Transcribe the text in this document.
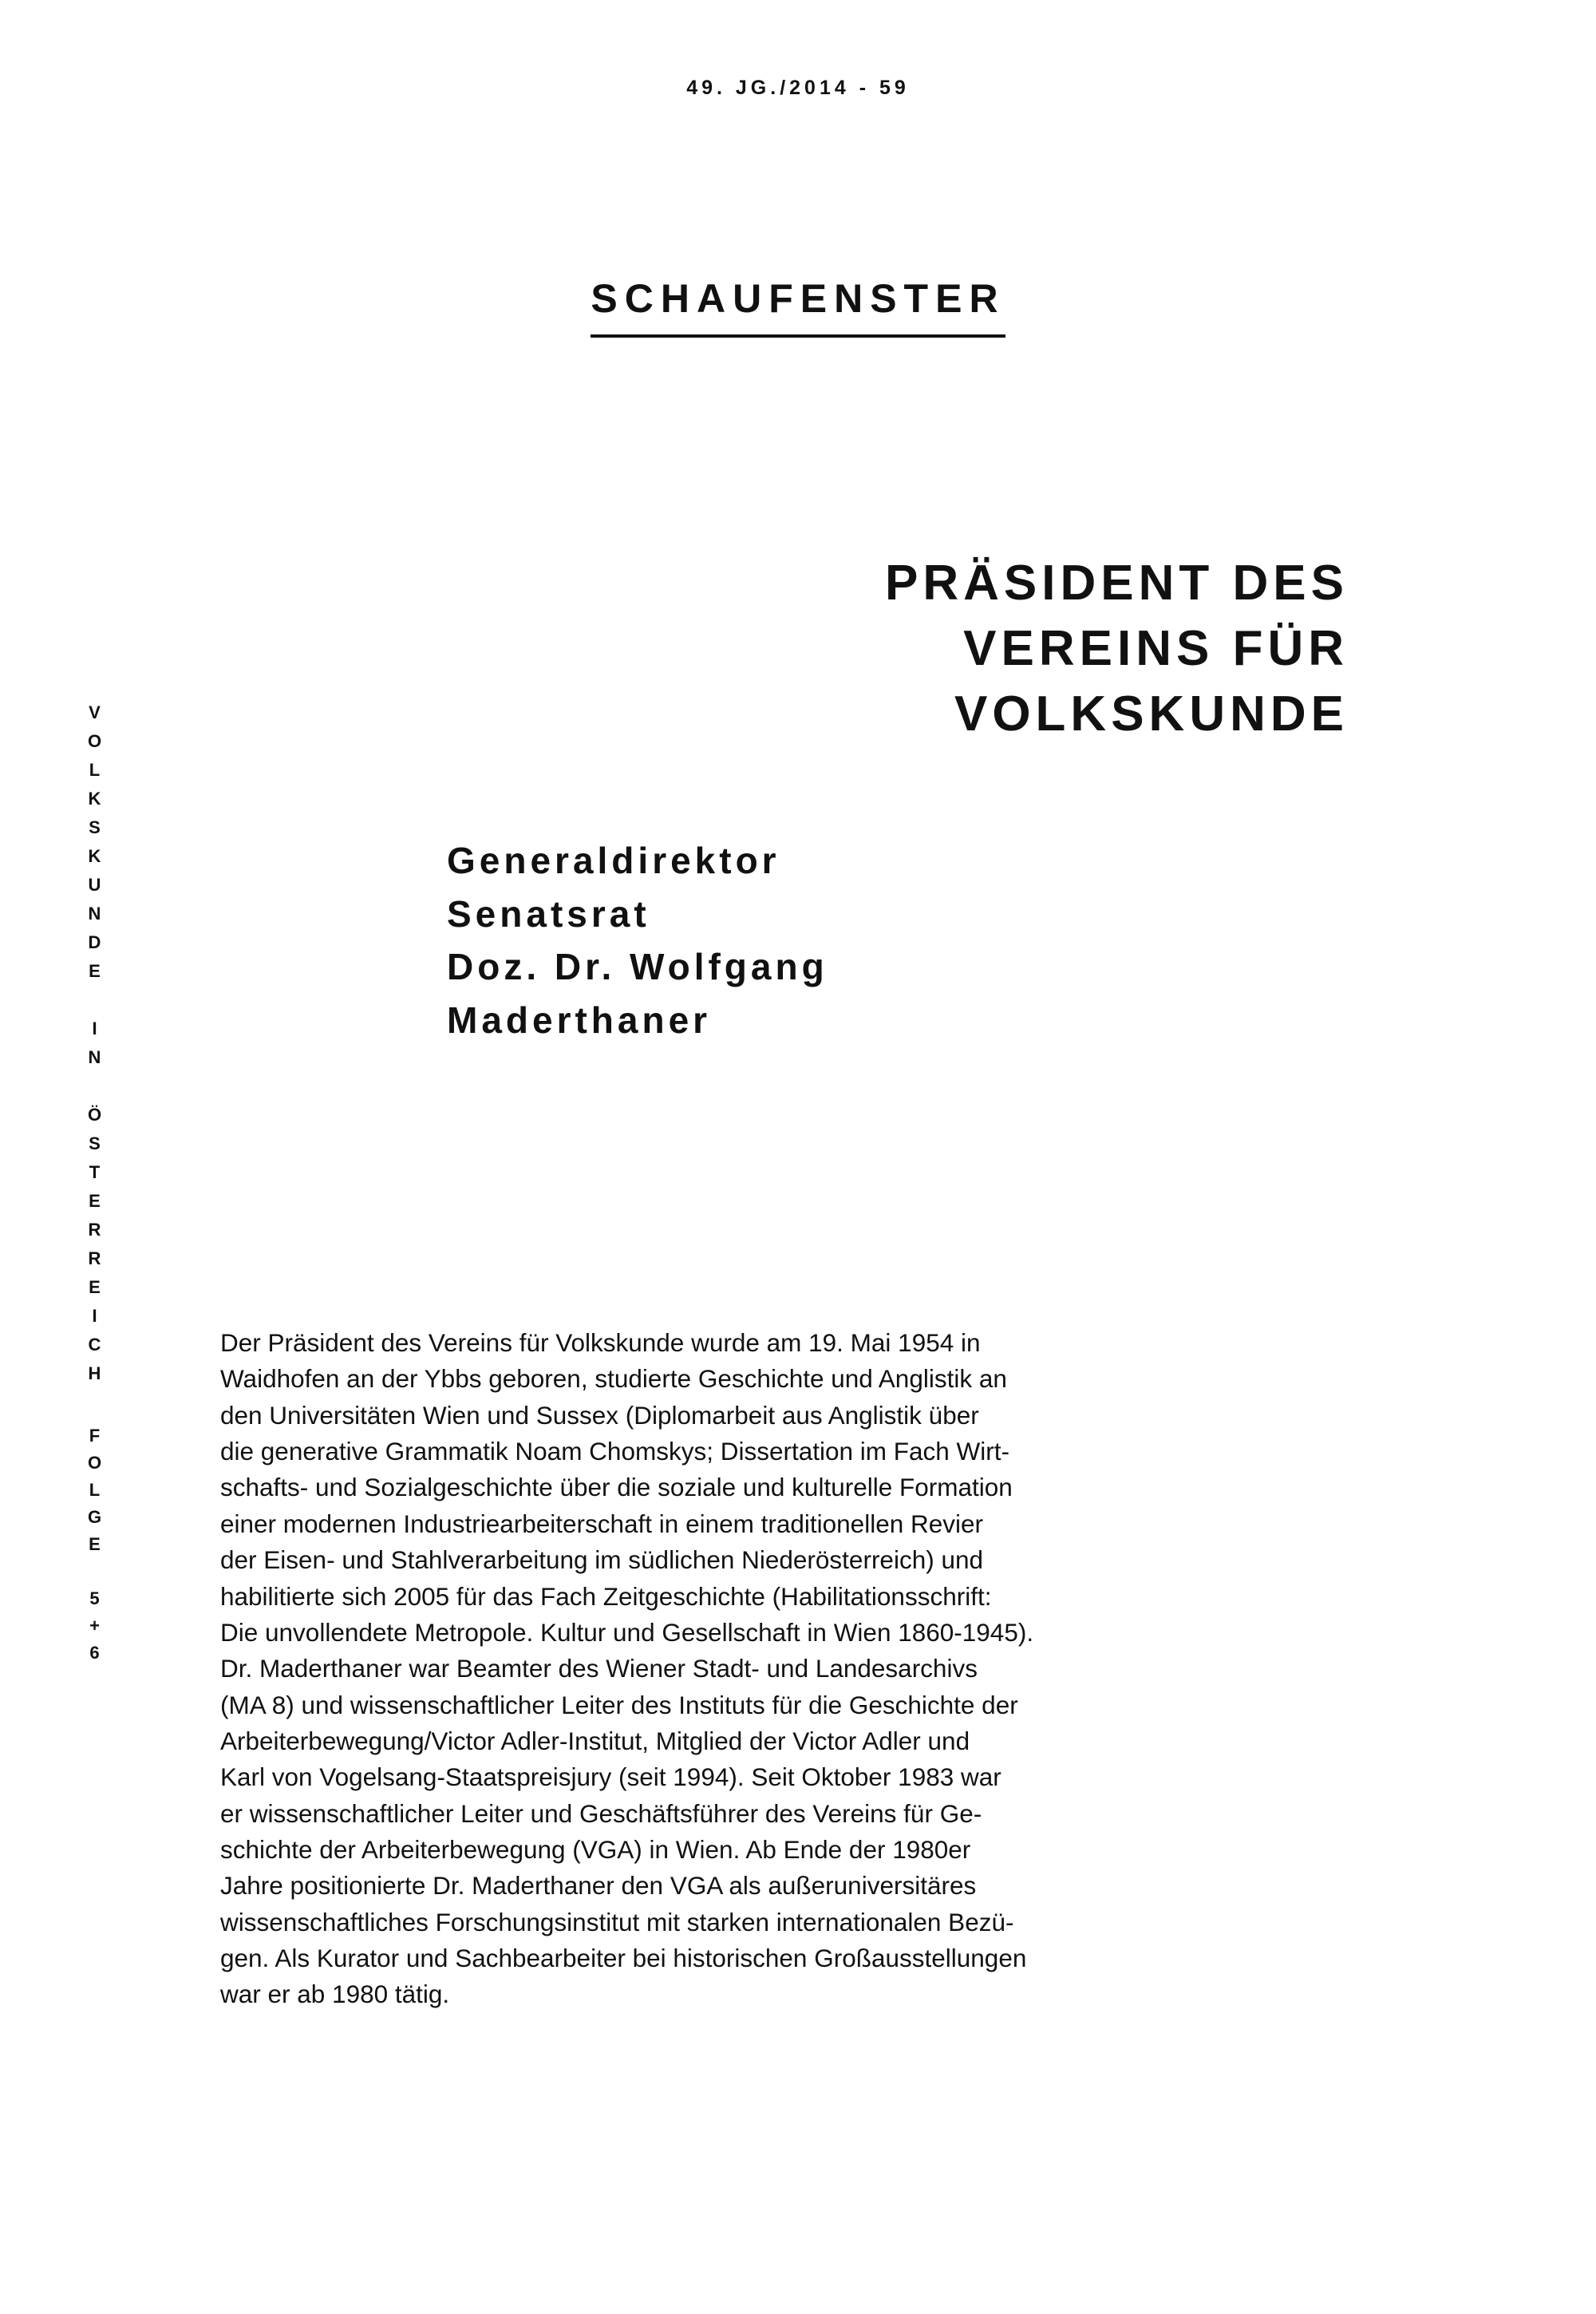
49. JG./2014 - 59
SCHAUFENSTER
VOLKSKUNDE IN ÖSTERREICH
FOLGE 5+6
PRÄSIDENT DES
VEREINS FÜR
VOLKSKUNDE
Generaldirektor
Senatsrat
Doz. Dr. Wolfgang
Maderthaner
Der Präsident des Vereins für Volkskunde wurde am 19. Mai 1954 in
Waidhofen an der Ybbs geboren, studierte Geschichte und Anglistik an
den Universitäten Wien und Sussex (Diplomarbeit aus Anglistik über
die generative Grammatik Noam Chomskys; Dissertation im Fach Wirt-
schafts- und Sozialgeschichte über die soziale und kulturelle Formation
einer modernen Industriearbeiterschaft in einem traditionellen Revier
der Eisen- und Stahlverarbeitung im südlichen Niederösterreich) und
habilitierte sich 2005 für das Fach Zeitgeschichte (Habilitationsschrift:
Die unvollendete Metropole. Kultur und Gesellschaft in Wien 1860-1945).
Dr. Maderthaner war Beamter des Wiener Stadt- und Landesarchivs
(MA 8) und wissenschaftlicher Leiter des Instituts für die Geschichte der
Arbeiterbewegung/Victor Adler-Institut, Mitglied der Victor Adler und
Karl von Vogelsang-Staatspreisjury (seit 1994). Seit Oktober 1983 war
er wissenschaftlicher Leiter und Geschäftsführer des Vereins für Ge-
schichte der Arbeiterbewegung (VGA) in Wien. Ab Ende der 1980er
Jahre positionierte Dr. Maderthaner den VGA als außeruniversitäres
wissenschaftliches Forschungsinstitut mit starken internationalen Bezü-
gen. Als Kurator und Sachbearbeiter bei historischen Großausstellungen
war er ab 1980 tätig.
